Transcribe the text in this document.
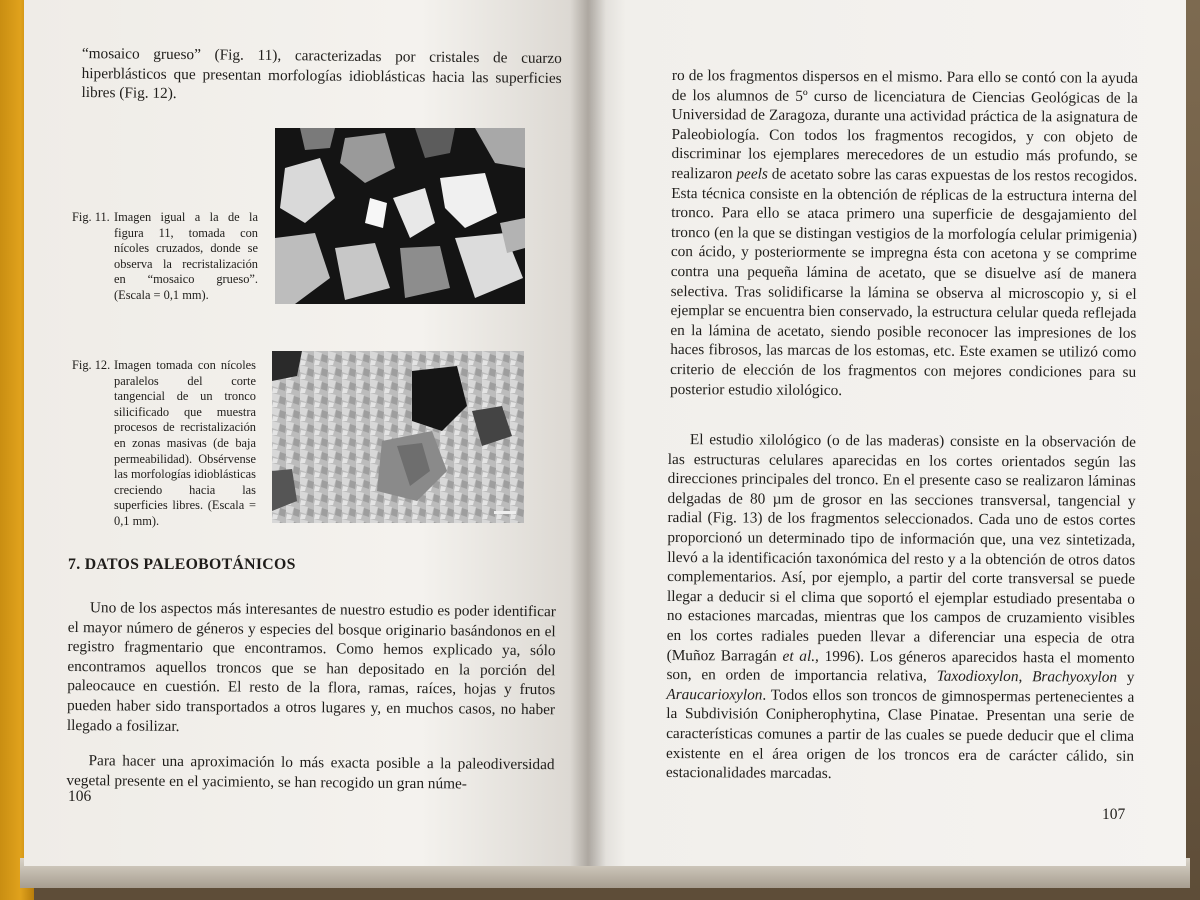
“mosaico grueso” (Fig. 11), caracterizadas por cristales de cuarzo hiperblásticos que presentan morfologías idioblásticas hacia las superficies libres (Fig. 12).

Fig. 11. Imagen igual a la de la figura 11, tomada con nícoles cruzados, donde se observa la recristalización en “mosaico grueso”. (Escala = 0,1 mm).
Fig. 12. Imagen tomada con nícoles paralelos del corte tangencial de un tronco silicificado que muestra procesos de recristalización en zonas masivas (de baja permeabilidad). Obsérvense las morfologías idioblásticas creciendo hacia las superficies libres. (Escala = 0,1 mm).
7. DATOS PALEOBOTÁNICOS

Uno de los aspectos más interesantes de nuestro estudio es poder identificar el mayor número de géneros y especies del bosque originario basándonos en el registro fragmentario que encontramos. Como hemos explicado ya, sólo encontramos aquellos troncos que se han depositado en la porción del paleocauce en cuestión. El resto de la flora, ramas, raíces, hojas y frutos pueden haber sido transportados a otros lugares y, en muchos casos, no haber llegado a fosilizar.

Para hacer una aproximación lo más exacta posible a la paleodiversidad vegetal presente en el yacimiento, se han recogido un gran núme-

106

ro de los fragmentos dispersos en el mismo. Para ello se contó con la ayuda de los alumnos de 5º curso de licenciatura de Ciencias Geológicas de la Universidad de Zaragoza, durante una actividad práctica de la asignatura de Paleobiología. Con todos los fragmentos recogidos, y con objeto de discriminar los ejemplares merecedores de un estudio más profundo, se realizaron peels de acetato sobre las caras expuestas de los restos recogidos. Esta técnica consiste en la obtención de réplicas de la estructura interna del tronco. Para ello se ataca primero una superficie de desgajamiento del tronco (en la que se distingan vestigios de la morfología celular primigenia) con ácido, y posteriormente se impregna ésta con acetona y se comprime contra una pequeña lámina de acetato, que se disuelve así de manera selectiva. Tras solidificarse la lámina se observa al microscopio y, si el ejemplar se encuentra bien conservado, la estructura celular queda reflejada en la lámina de acetato, siendo posible reconocer las impresiones de los haces fibrosos, las marcas de los estomas, etc. Este examen se utilizó como criterio de elección de los fragmentos con mejores condiciones para su posterior estudio xilológico.

El estudio xilológico (o de las maderas) consiste en la observación de las estructuras celulares aparecidas en los cortes orientados según las direcciones principales del tronco. En el presente caso se realizaron láminas delgadas de 80 µm de grosor en las secciones transversal, tangencial y radial (Fig. 13) de los fragmentos seleccionados. Cada uno de estos cortes proporcionó un determinado tipo de información que, una vez sintetizada, llevó a la identificación taxonómica del resto y a la obtención de otros datos complementarios. Así, por ejemplo, a partir del corte transversal se puede llegar a deducir si el clima que soportó el ejemplar estudiado presentaba o no estaciones marcadas, mientras que los campos de cruzamiento visibles en los cortes radiales pueden llevar a diferenciar una especia de otra (Muñoz Barragán et al., 1996). Los géneros aparecidos hasta el momento son, en orden de importancia relativa, Taxodioxylon, Brachyoxylon y Araucarioxylon. Todos ellos son troncos de gimnospermas pertenecientes a la Subdivisión Conipherophytina, Clase Pinatae. Presentan una serie de características comunes a partir de las cuales se puede deducir que el clima existente en el área origen de los troncos era de carácter cálido, sin estacionalidades marcadas.

107
